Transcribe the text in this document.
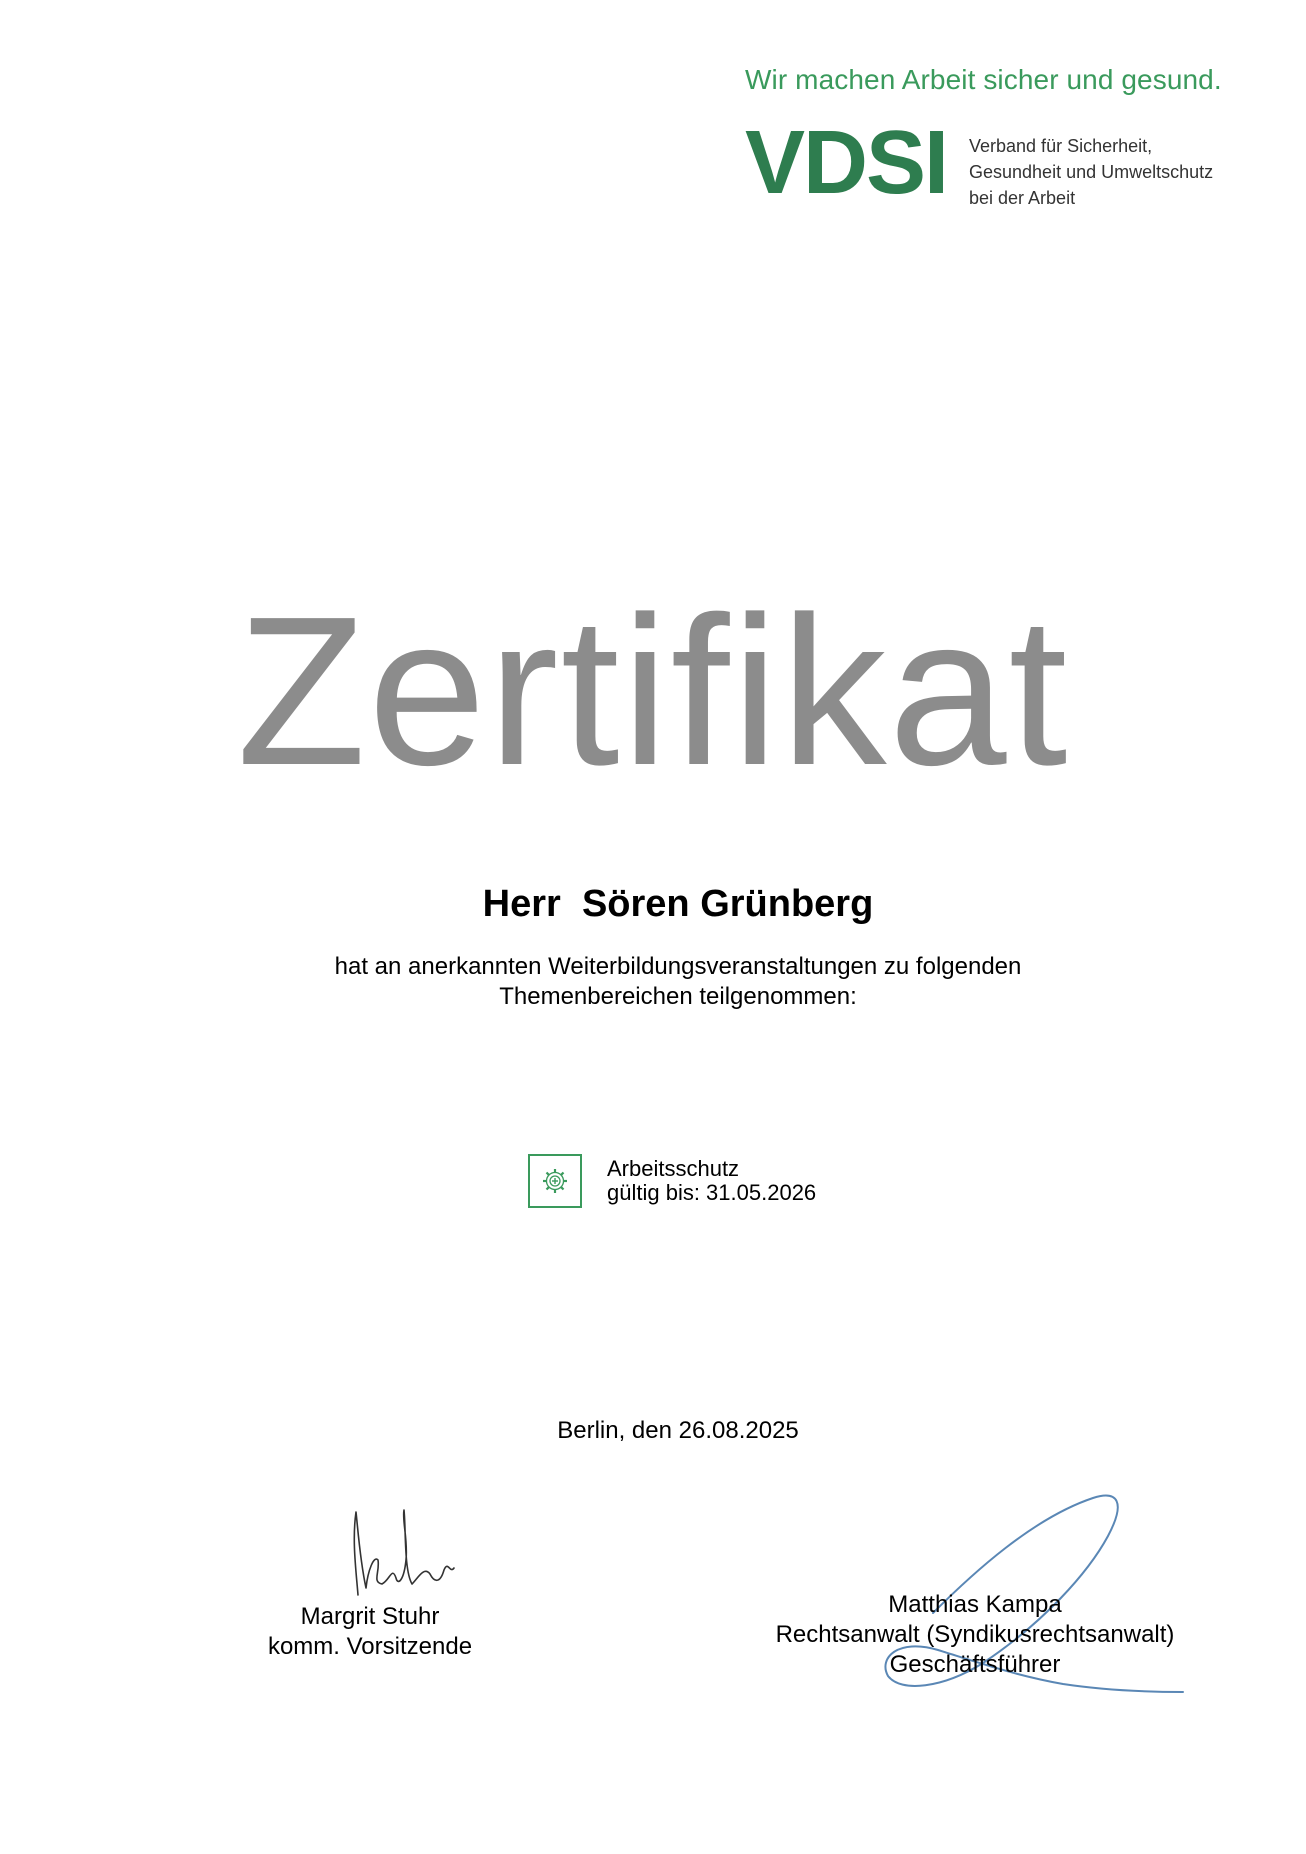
Wir machen Arbeit sicher und gesund.
VDSI Verband für Sicherheit,
Gesundheit und Umweltschutz
bei der Arbeit
Zertifikat
Herr  Sören Grünberg
hat an anerkannten Weiterbildungsveranstaltungen zu folgenden
Themenbereichen teilgenommen:
Arbeitsschutz
gültig bis: 31.05.2026
Berlin, den 26.08.2025
Margrit Stuhr
komm. Vorsitzende
Matthias Kampa
Rechtsanwalt (Syndikusrechtsanwalt)
Geschäftsführer
